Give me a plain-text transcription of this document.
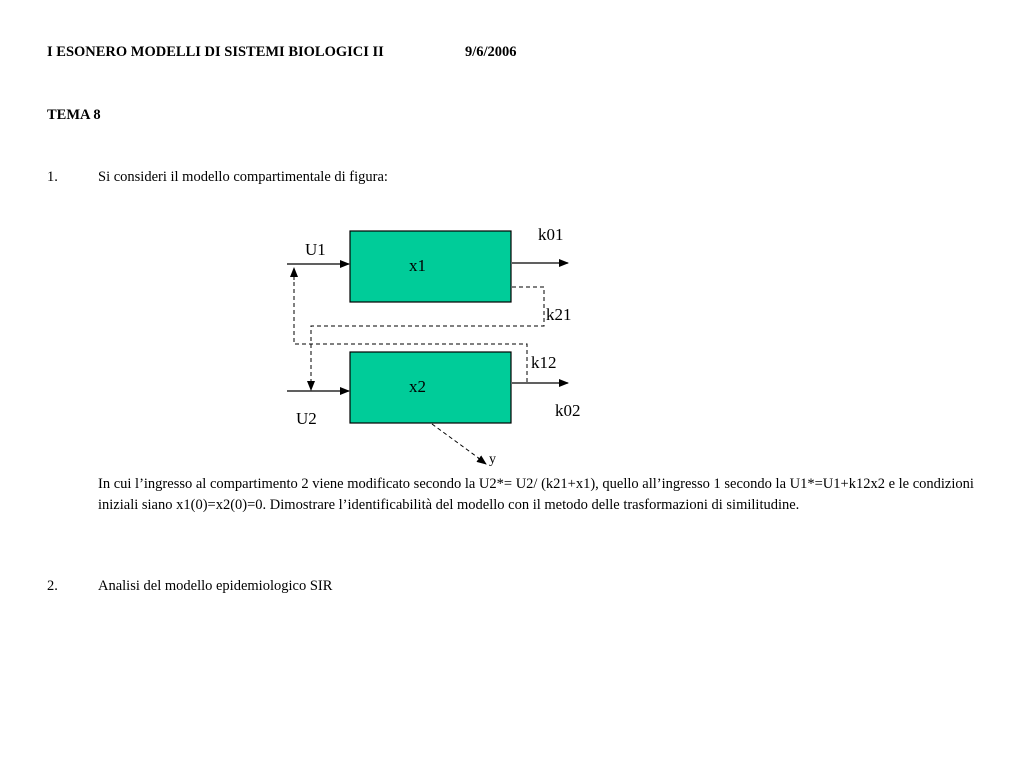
I ESONERO MODELLI DI SISTEMI BIOLOGICI II	9/6/2006
TEMA 8
1.	Si consideri il modello compartimentale di figura:
x1
x2
U1
U2
k01
k21
k12
k02
y
In cui l’ingresso al compartimento 2 viene modificato secondo la U2*= U2/ (k21+x1), quello all’ingresso 1 secondo la U1*=U1+k12x2 e le condizioni iniziali siano x1(0)=x2(0)=0. Dimostrare l’identificabilità del modello con il metodo delle trasformazioni di similitudine.
2.	Analisi del modello epidemiologico SIR
